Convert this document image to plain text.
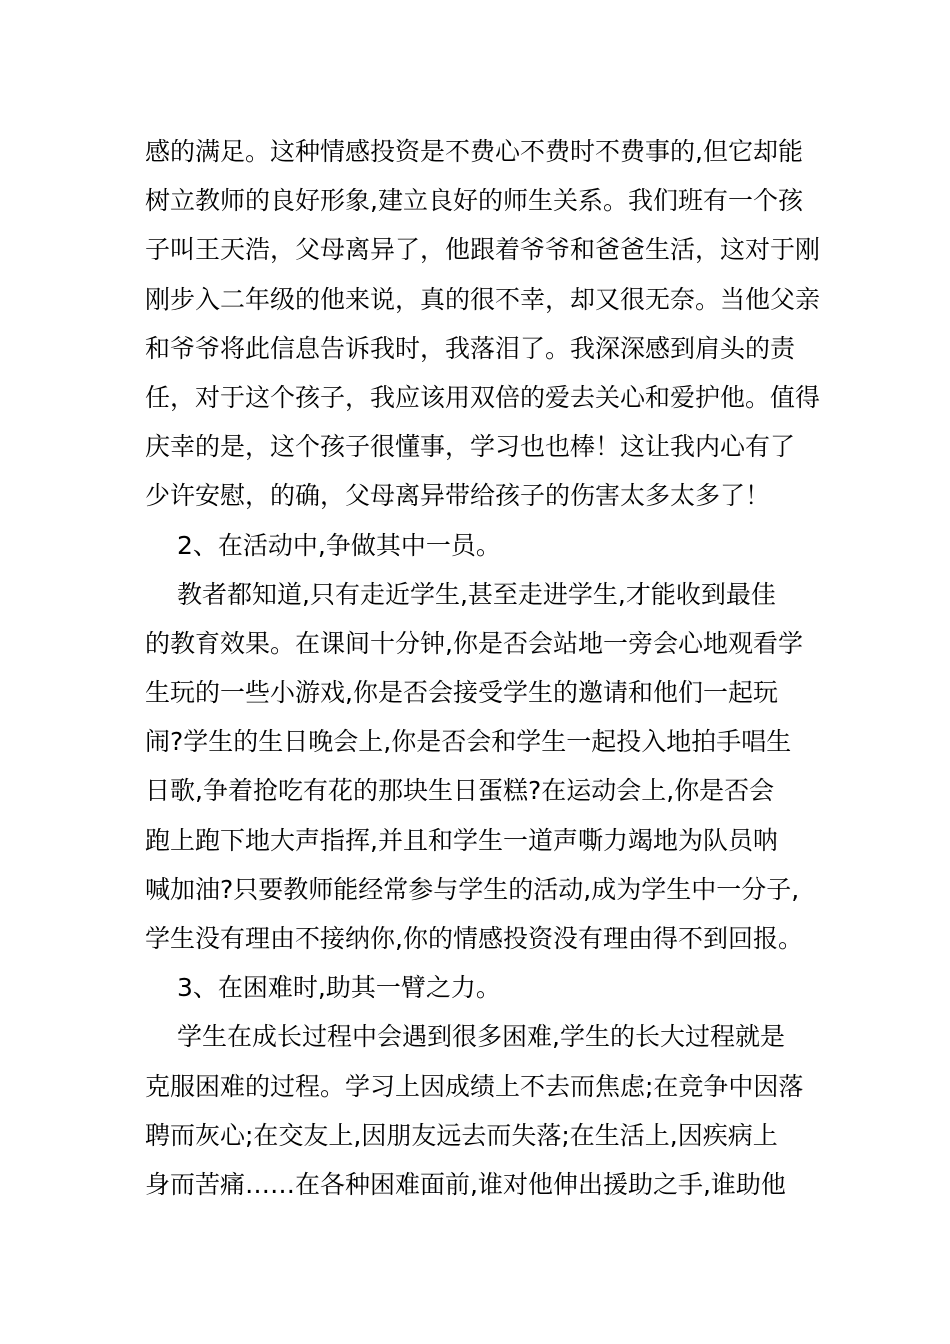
感的满足。这种情感投资是不费心不费时不费事的,但它却能
树立教师的良好形象,建立良好的师生关系。我们班有一个孩
子叫王天浩，父母离异了，他跟着爷爷和爸爸生活，这对于刚
刚步入二年级的他来说，真的很不幸，却又很无奈。当他父亲
和爷爷将此信息告诉我时，我落泪了。我深深感到肩头的责
任，对于这个孩子，我应该用双倍的爱去关心和爱护他。值得
庆幸的是，这个孩子很懂事，学习也也棒！这让我内心有了
少许安慰，的确，父母离异带给孩子的伤害太多太多了！
2、在活动中,争做其中一员。
教者都知道,只有走近学生,甚至走进学生,才能收到最佳
的教育效果。在课间十分钟,你是否会站地一旁会心地观看学
生玩的一些小游戏,你是否会接受学生的邀请和他们一起玩
闹?学生的生日晚会上,你是否会和学生一起投入地拍手唱生
日歌,争着抢吃有花的那块生日蛋糕?在运动会上,你是否会
跑上跑下地大声指挥,并且和学生一道声嘶力竭地为队员呐
喊加油?只要教师能经常参与学生的活动,成为学生中一分子,
学生没有理由不接纳你,你的情感投资没有理由得不到回报。
3、在困难时,助其一臂之力。
学生在成长过程中会遇到很多困难,学生的长大过程就是
克服困难的过程。学习上因成绩上不去而焦虑;在竞争中因落
聘而灰心;在交友上,因朋友远去而失落;在生活上,因疾病上
身而苦痛……在各种困难面前,谁对他伸出援助之手,谁助他
